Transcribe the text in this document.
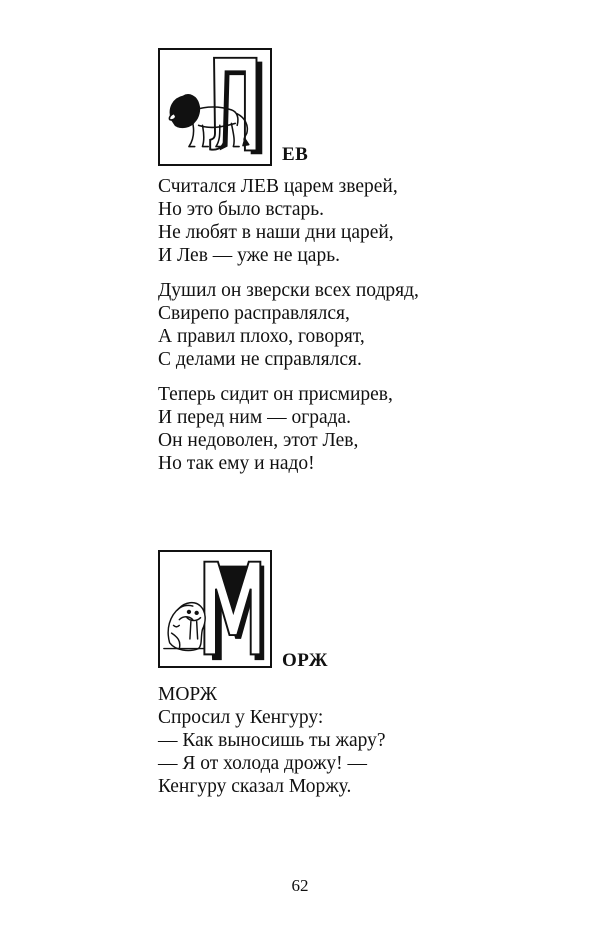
ЕВ
Считался ЛЕВ царем зверей,
Но это было встарь.
Не любят в наши дни царей,
И Лев — уже не царь.
Душил он зверски всех подряд,
Свирепо расправлялся,
А правил плохо, говорят,
С делами не справлялся.
Теперь сидит он присмирев,
И перед ним — ограда.
Он недоволен, этот Лев,
Но так ему и надо!
ОРЖ
МОРЖ
Спросил у Кенгуру:
— Как выносишь ты жару?
— Я от холода дрожу! —
Кенгуру сказал Моржу.
62
